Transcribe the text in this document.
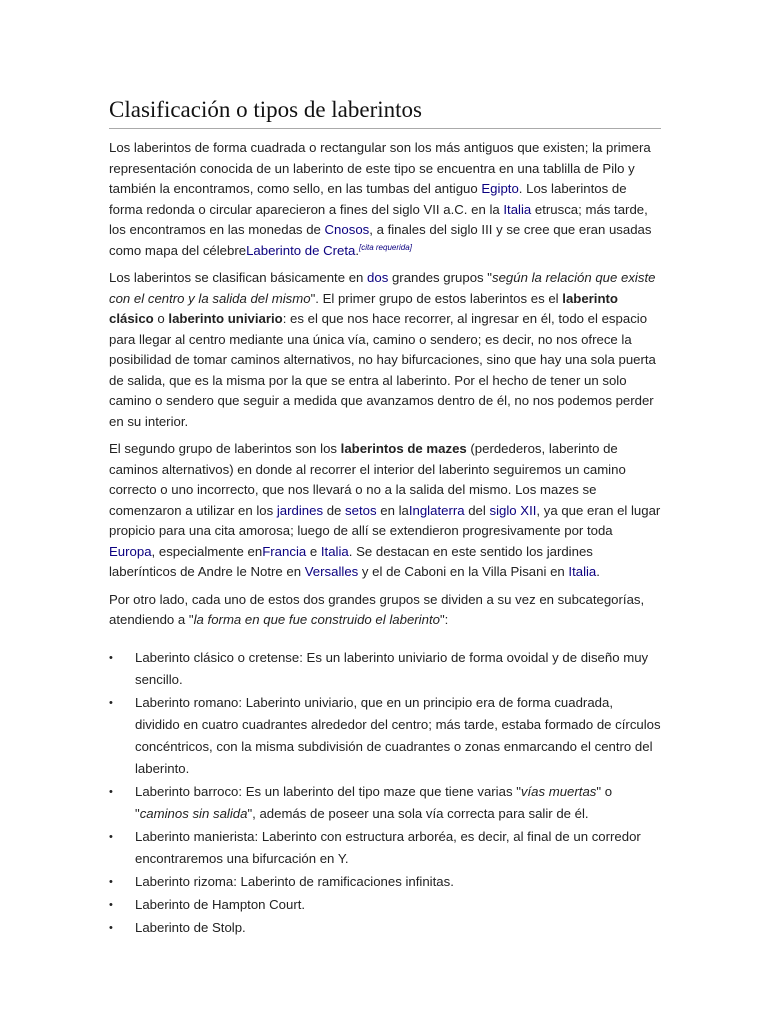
Clasificación o tipos de laberintos

Los laberintos de forma cuadrada o rectangular son los más antiguos que existen; la primera representación conocida de un laberinto de este tipo se encuentra en una tablilla de Pilo y también la encontramos, como sello, en las tumbas del antiguo Egipto. Los laberintos de forma redonda o circular aparecieron a fines del siglo VII a.C. en la Italia etrusca; más tarde, los encontramos en las monedas de Cnosos, a finales del siglo III y se cree que eran usadas como mapa del célebreLaberinto de Creta.[cita requerida]

Los laberintos se clasifican básicamente en dos grandes grupos "según la relación que existe con el centro y la salida del mismo". El primer grupo de estos laberintos es el laberinto clásico o laberinto univiario: es el que nos hace recorrer, al ingresar en él, todo el espacio para llegar al centro mediante una única vía, camino o sendero; es decir, no nos ofrece la posibilidad de tomar caminos alternativos, no hay bifurcaciones, sino que hay una sola puerta de salida, que es la misma por la que se entra al laberinto. Por el hecho de tener un solo camino o sendero que seguir a medida que avanzamos dentro de él, no nos podemos perder en su interior.

El segundo grupo de laberintos son los laberintos de mazes (perdederos, laberinto de caminos alternativos) en donde al recorrer el interior del laberinto seguiremos un camino correcto o uno incorrecto, que nos llevará o no a la salida del mismo. Los mazes se comenzaron a utilizar en los jardines de setos en laInglaterra del siglo XII, ya que eran el lugar propicio para una cita amorosa; luego de allí se extendieron progresivamente por toda Europa, especialmente enFrancia e Italia. Se destacan en este sentido los jardines laberínticos de Andre le Notre en Versalles y el de Caboni en la Villa Pisani en Italia.

Por otro lado, cada uno de estos dos grandes grupos se dividen a su vez en subcategorías, atendiendo a "la forma en que fue construido el laberinto":

• Laberinto clásico o cretense: Es un laberinto univiario de forma ovoidal y de diseño muy sencillo.
• Laberinto romano: Laberinto univiario, que en un principio era de forma cuadrada, dividido en cuatro cuadrantes alrededor del centro; más tarde, estaba formado de círculos concéntricos, con la misma subdivisión de cuadrantes o zonas enmarcando el centro del laberinto.
• Laberinto barroco: Es un laberinto del tipo maze que tiene varias "vías muertas" o "caminos sin salida", además de poseer una sola vía correcta para salir de él.
• Laberinto manierista: Laberinto con estructura arboréa, es decir, al final de un corredor encontraremos una bifurcación en Y.
• Laberinto rizoma: Laberinto de ramificaciones infinitas.
• Laberinto de Hampton Court.
• Laberinto de Stolp.
